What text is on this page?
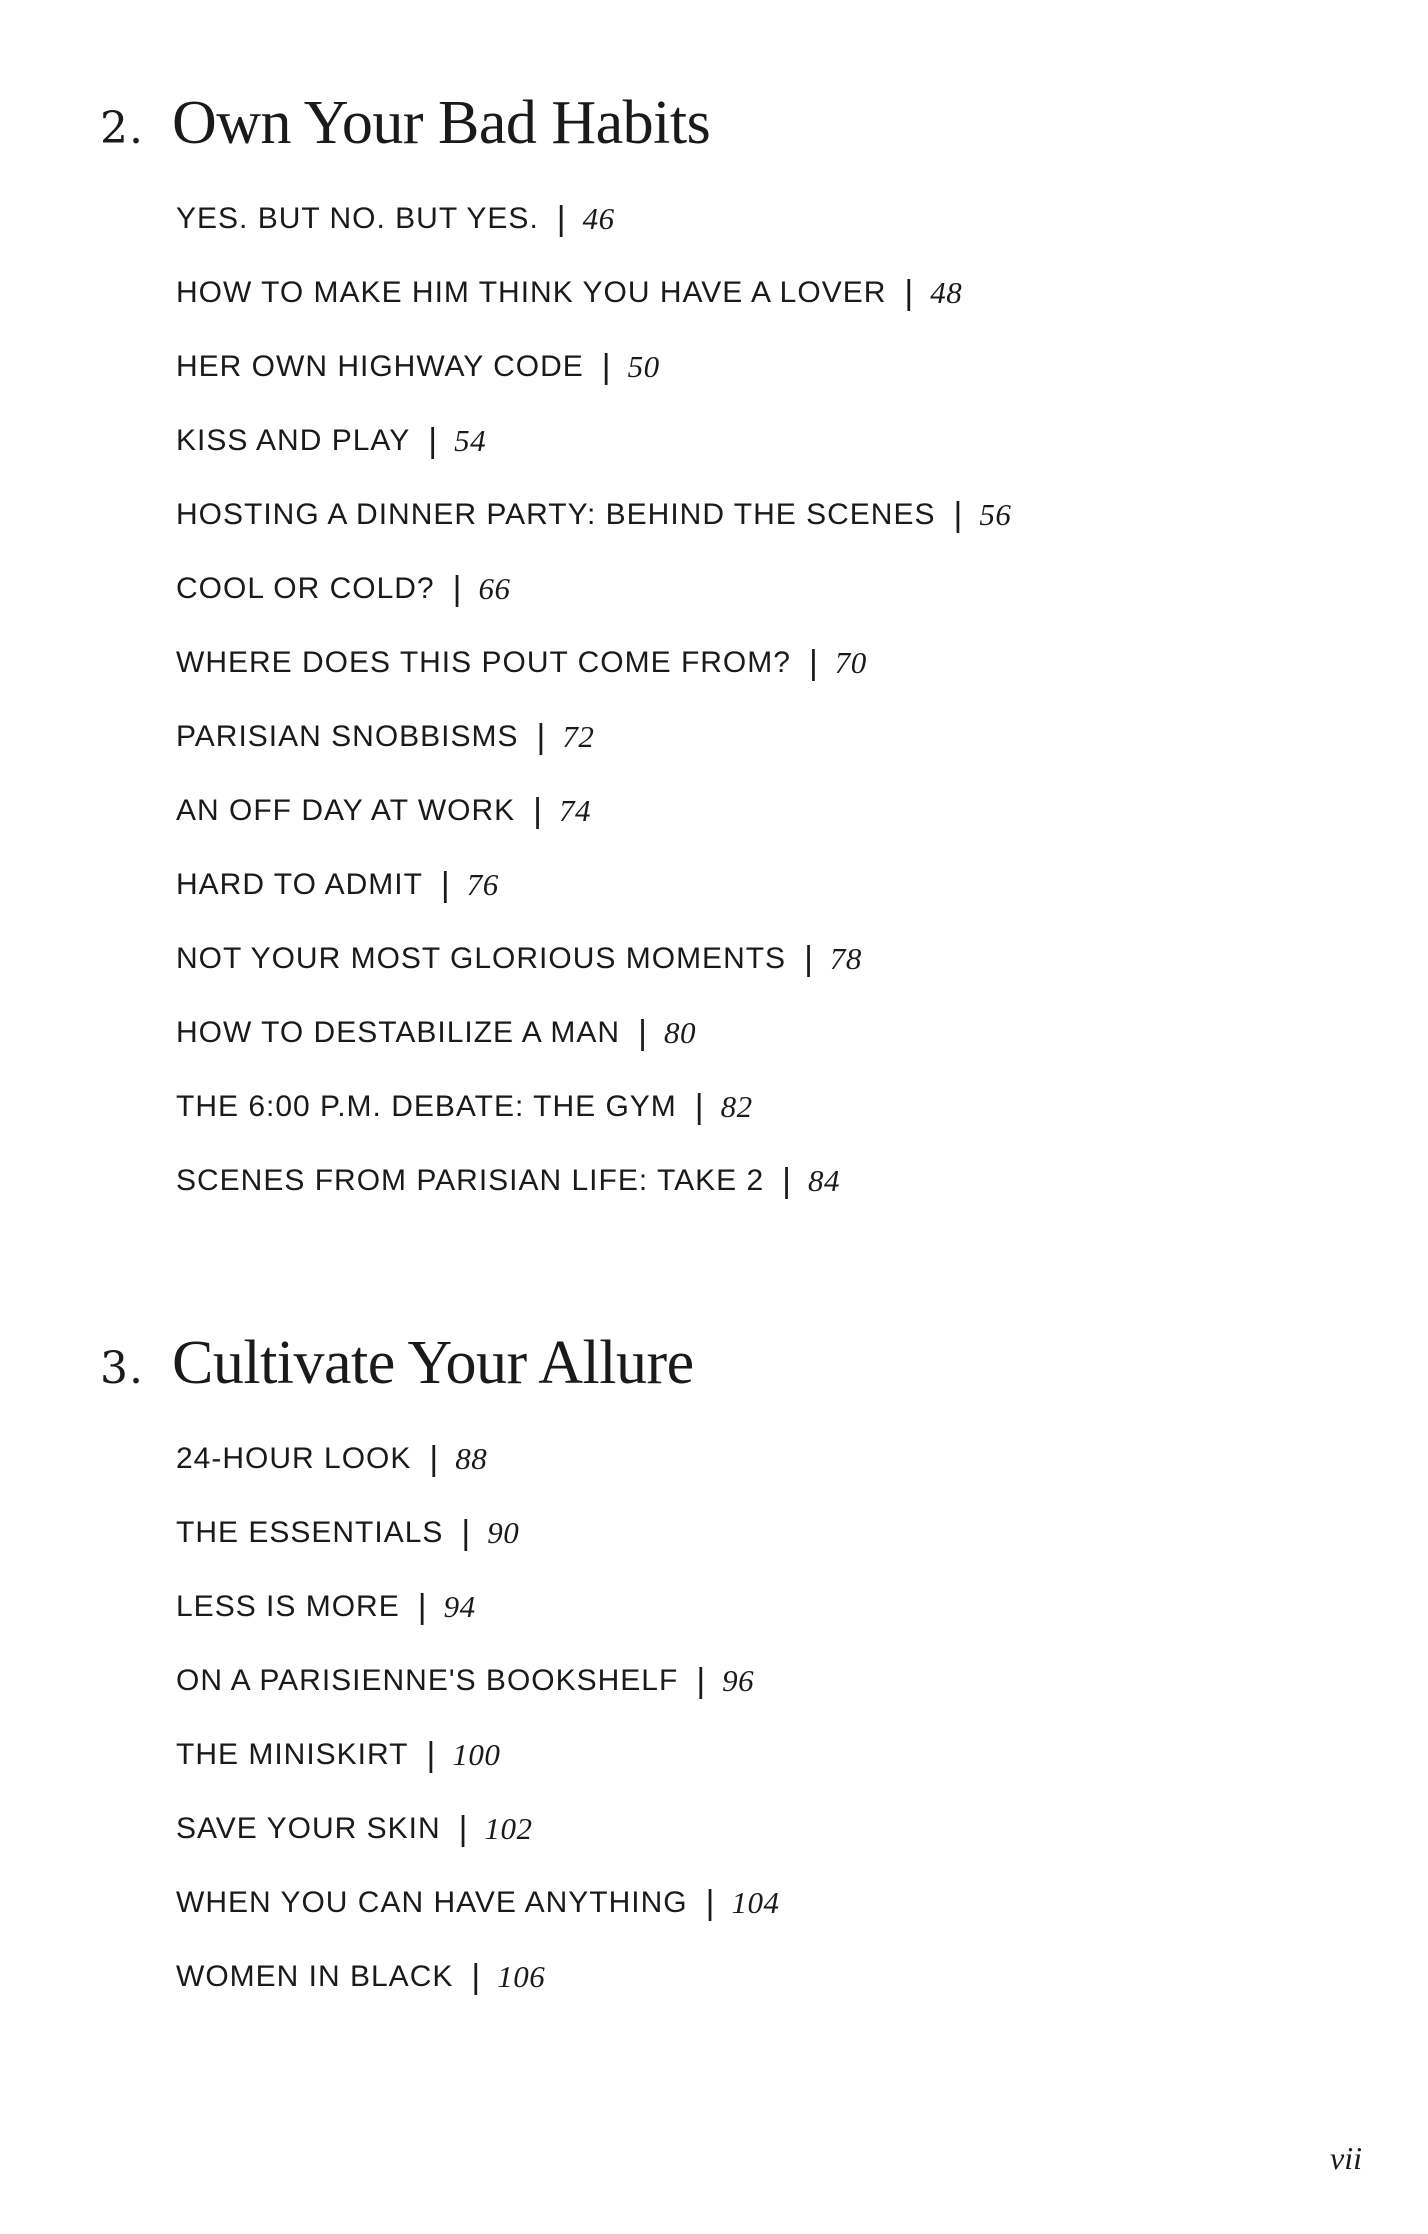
2. Own Your Bad Habits
YES. BUT NO. BUT YES. | 46
HOW TO MAKE HIM THINK YOU HAVE A LOVER | 48
HER OWN HIGHWAY CODE | 50
KISS AND PLAY | 54
HOSTING A DINNER PARTY: BEHIND THE SCENES | 56
COOL OR COLD? | 66
WHERE DOES THIS POUT COME FROM? | 70
PARISIAN SNOBBISMS | 72
AN OFF DAY AT WORK | 74
HARD TO ADMIT | 76
NOT YOUR MOST GLORIOUS MOMENTS | 78
HOW TO DESTABILIZE A MAN | 80
THE 6:00 P.M. DEBATE: THE GYM | 82
SCENES FROM PARISIAN LIFE: TAKE 2 | 84
3. Cultivate Your Allure
24-HOUR LOOK | 88
THE ESSENTIALS | 90
LESS IS MORE | 94
ON A PARISIENNE'S BOOKSHELF | 96
THE MINISKIRT | 100
SAVE YOUR SKIN | 102
WHEN YOU CAN HAVE ANYTHING | 104
WOMEN IN BLACK | 106
vii
